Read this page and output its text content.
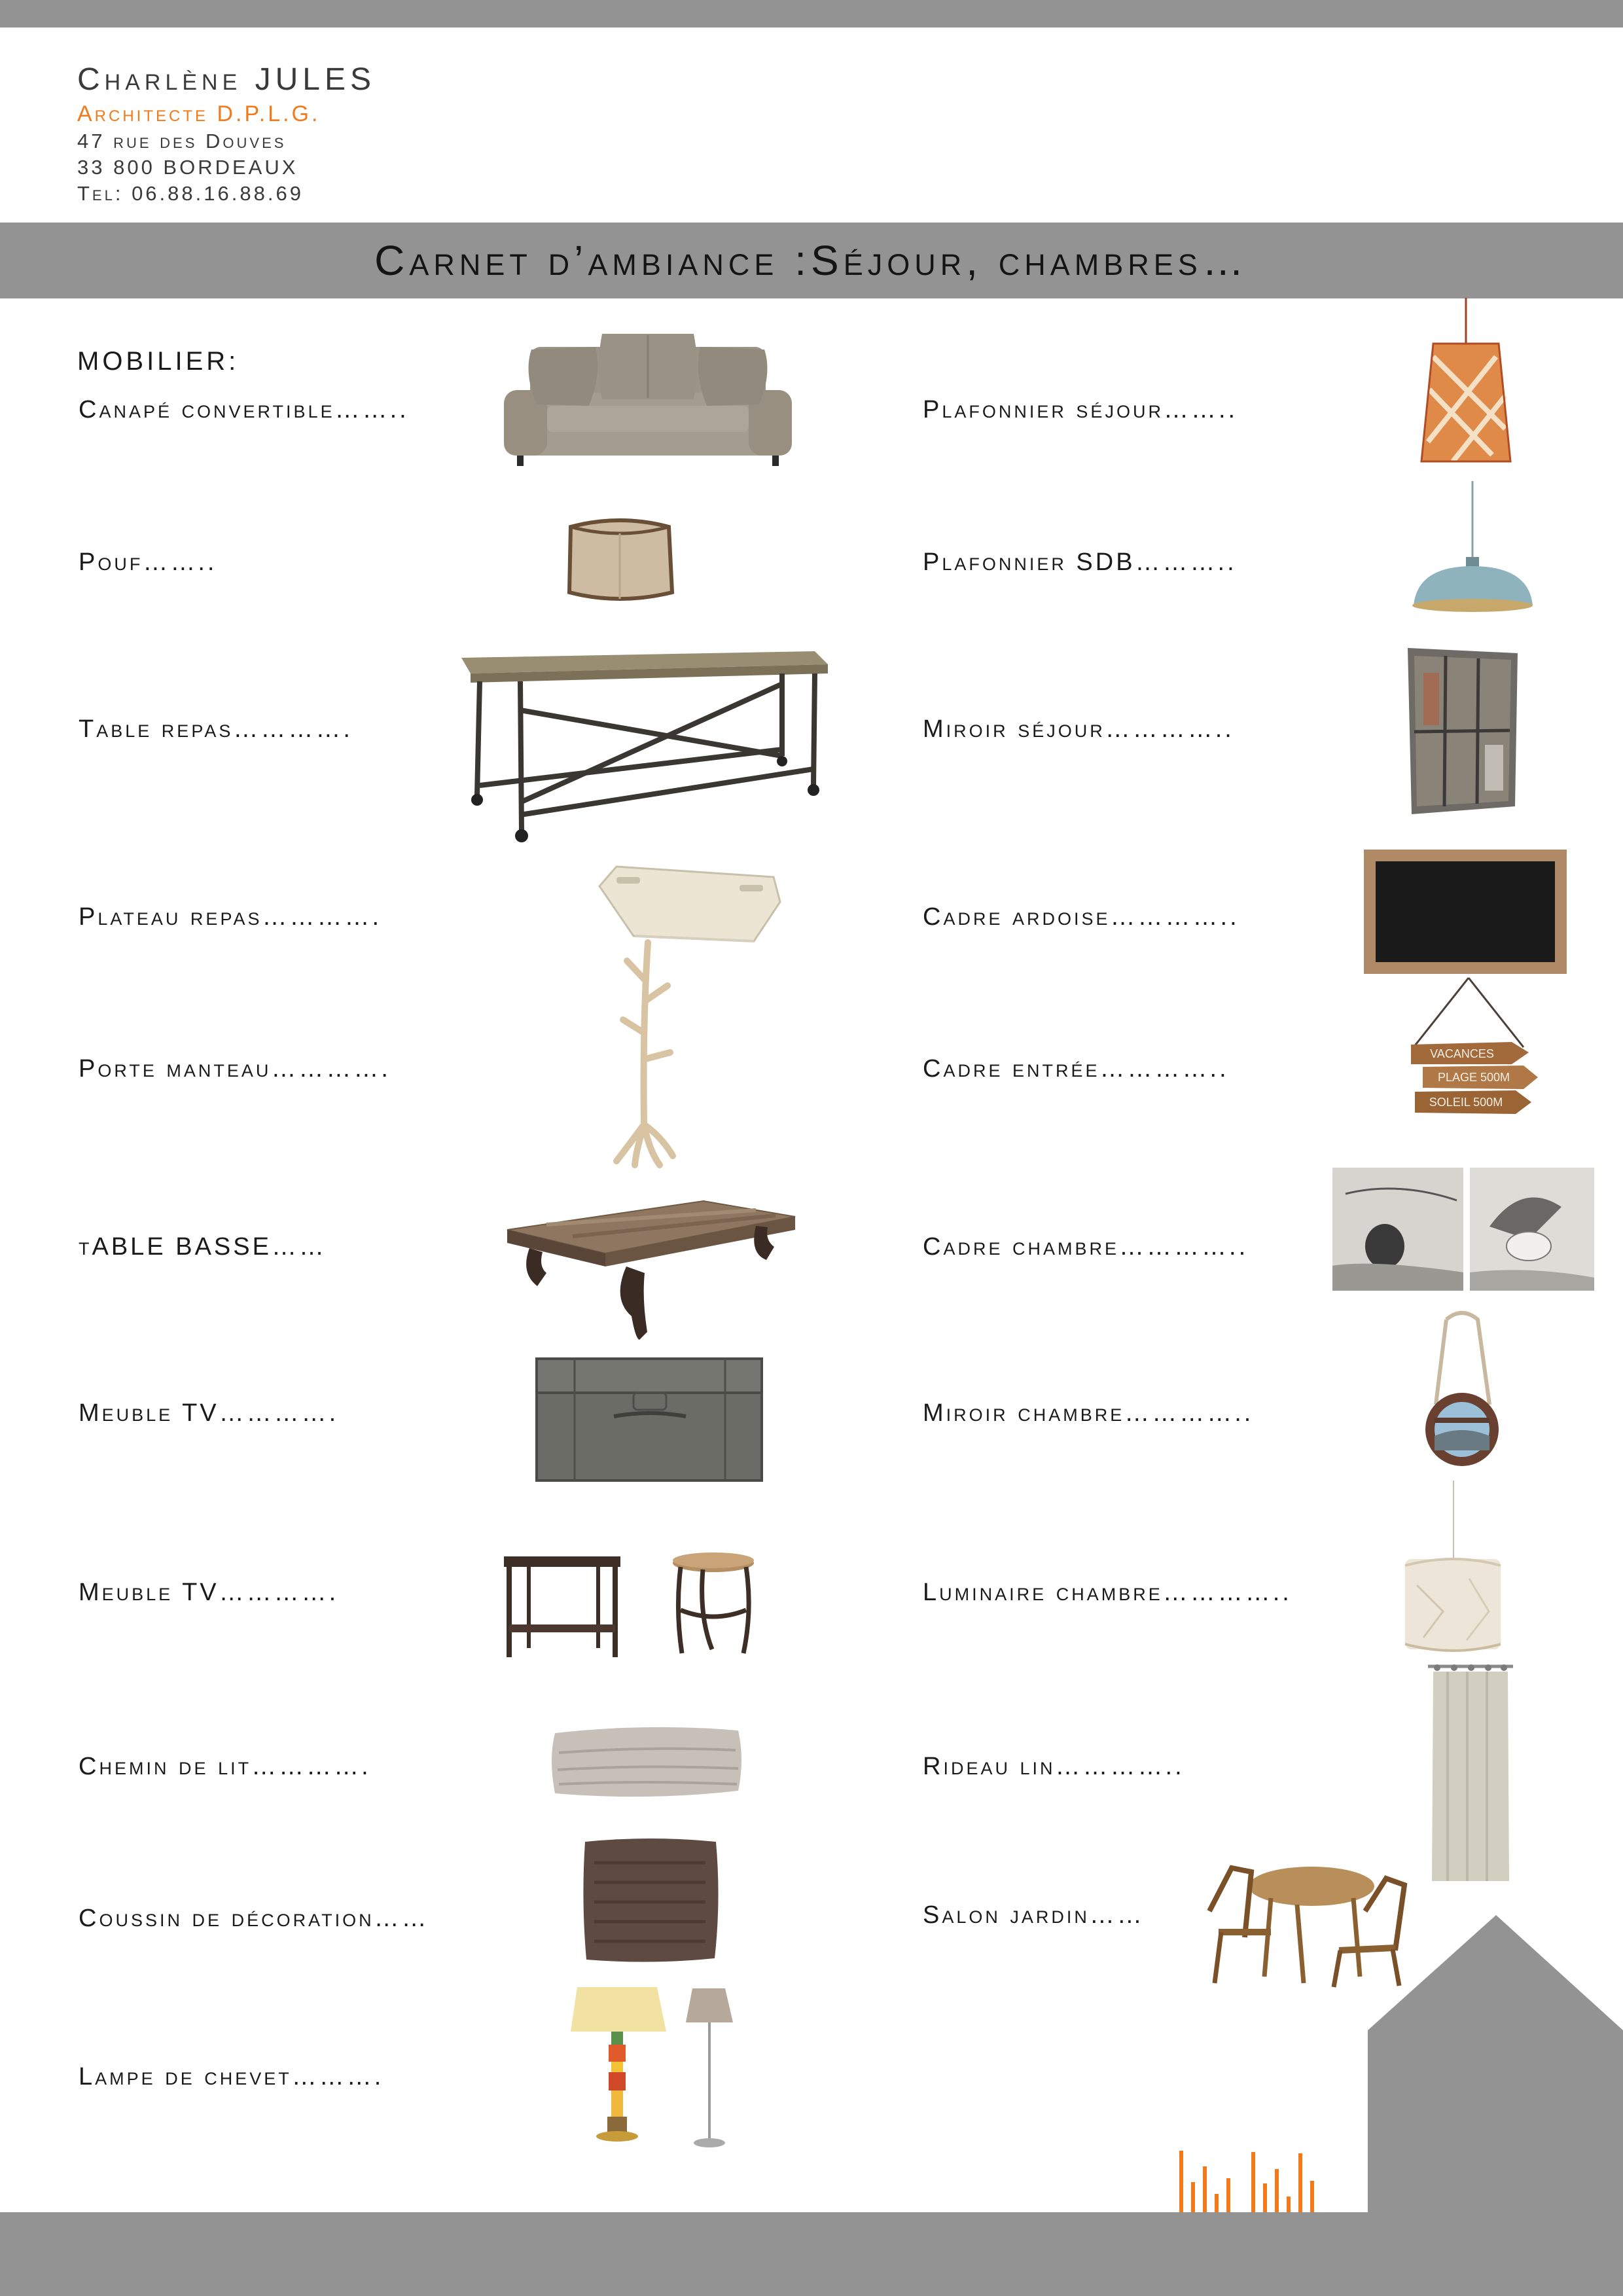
Charlène JULES
Architecte D.P.L.G.
47 rue des Douves
33 800 BORDEAUX
Tel: 06.88.16.88.69
Carnet d’ambiance :Séjour, chambres…
MOBILIER:
Canapé convertible……..
Pouf……..
Table repas………….
Plateau repas………….
Porte manteau………….
tABLE BASSE……
Meuble TV………….
Meuble TV………….
Chemin de lit………….
Coussin de décoration……
Lampe de chevet……….
Plafonnier séjour……..
Plafonnier SDB………..
Miroir séjour…………..
Cadre ardoise…………..
Cadre entrée…………..
Cadre chambre…………..
Miroir chambre…………..
Luminaire chambre…………..
Rideau lin…………..
Salon jardin……
VACANCES
PLAGE 500M
SOLEIL 500M
